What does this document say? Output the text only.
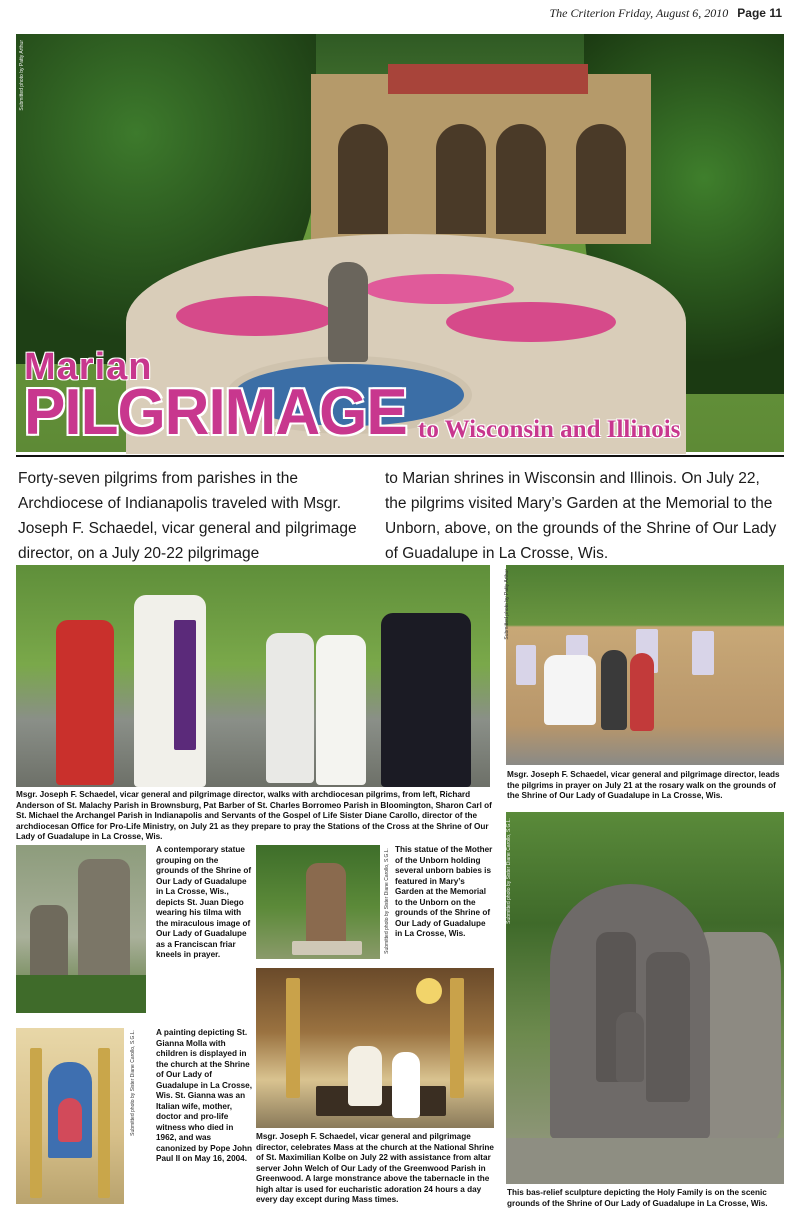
The Criterion Friday, August 6, 2010 Page 11
Submitted photo by Patty Arthur
Marian
PILGRIMAGE to Wisconsin and Illinois

Forty-seven pilgrims from parishes in the Archdiocese of Indianapolis traveled with Msgr. Joseph F. Schaedel, vicar general and pilgrimage director, on a July 20-22 pilgrimage

to Marian shrines in Wisconsin and Illinois. On July 22, the pilgrims visited Mary’s Garden at the Memorial to the Unborn, above, on the grounds of the Shrine of Our Lady of Guadalupe in La Crosse, Wis.

Msgr. Joseph F. Schaedel, vicar general and pilgrimage director, walks with archdiocesan pilgrims, from left, Richard Anderson of St. Malachy Parish in Brownsburg, Pat Barber of St. Charles Borromeo Parish in Bloomington, Sharon Carl of St. Michael the Archangel Parish in Indianapolis and Servants of the Gospel of Life Sister Diane Carollo, director of the archdiocesan Office for Pro-Life Ministry, on July 21 as they prepare to pray the Stations of the Cross at the Shrine of Our Lady of Guadalupe in La Crosse, Wis.

Submitted photo by Patty Arthur

Msgr. Joseph F. Schaedel, vicar general and pilgrimage director, leads the pilgrims in prayer on July 21 at the rosary walk on the grounds of the Shrine of Our Lady of Guadalupe in La Crosse, Wis.

A contemporary statue grouping on the grounds of the Shrine of Our Lady of Guadalupe in La Crosse, Wis., depicts St. Juan Diego wearing his tilma with the miraculous image of Our Lady of Guadalupe as a Franciscan friar kneels in prayer.

Submitted photo by Sister Diane Carollo, S.G.L. This statue of the Mother of the Unborn holding several unborn babies is featured in Mary’s Garden at the Memorial to the Unborn on the grounds of the Shrine of Our Lady of Guadalupe in La Crosse, Wis.

Submitted photo by Sister Diane Carollo, S.G.L. A painting depicting St. Gianna Molla with children is displayed in the church at the Shrine of Our Lady of Guadalupe in La Crosse, Wis. St. Gianna was an Italian wife, mother, doctor and pro-life witness who died in 1962, and was canonized by Pope John Paul II on May 16, 2004.

Msgr. Joseph F. Schaedel, vicar general and pilgrimage director, celebrates Mass at the church at the National Shrine of St. Maximilian Kolbe on July 22 with assistance from altar server John Welch of Our Lady of the Greenwood Parish in Greenwood. A large monstrance above the tabernacle in the high altar is used for eucharistic adoration 24 hours a day every day except during Mass times.

Submitted photo by Sister Diane Carollo, S.G.L.

This bas-relief sculpture depicting the Holy Family is on the scenic grounds of the Shrine of Our Lady of Guadalupe in La Crosse, Wis.
